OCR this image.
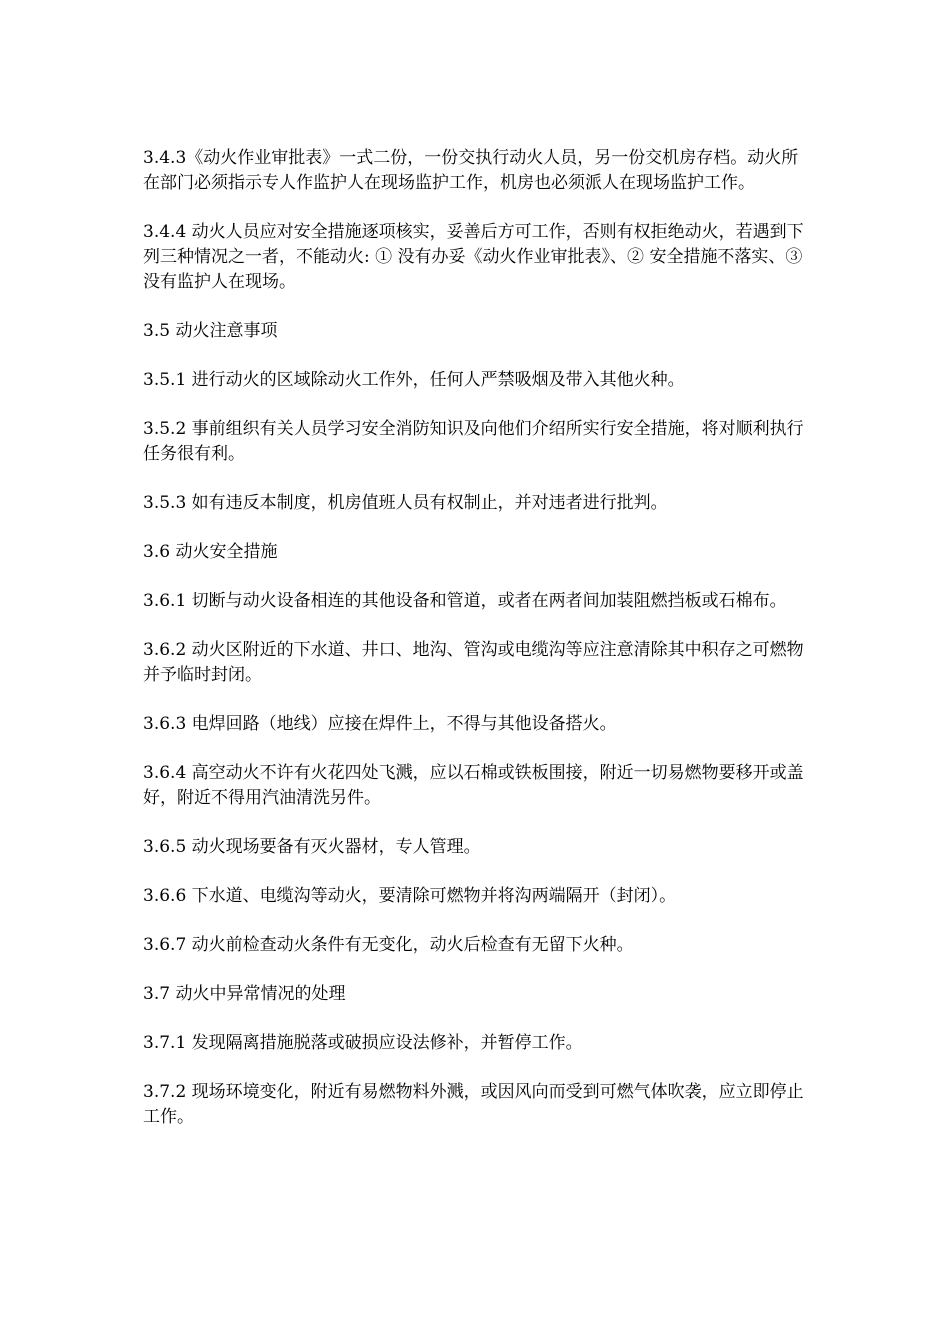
3.4.3《动火作业审批表》一式二份，一份交执行动火人员，另一份交机房存档。动火所在部门必须指示专人作监护人在现场监护工作，机房也必须派人在现场监护工作。

3.4.4 动火人员应对安全措施逐项核实，妥善后方可工作，否则有权拒绝动火，若遇到下列三种情况之一者，不能动火: ① 没有办妥《动火作业审批表》、② 安全措施不落实、③没有监护人在现场。

3.5 动火注意事项

3.5.1 进行动火的区域除动火工作外，任何人严禁吸烟及带入其他火种。

3.5.2 事前组织有关人员学习安全消防知识及向他们介绍所实行安全措施，将对顺利执行任务很有利。

3.5.3 如有违反本制度，机房值班人员有权制止，并对违者进行批判。

3.6 动火安全措施

3.6.1 切断与动火设备相连的其他设备和管道，或者在两者间加装阻燃挡板或石棉布。

3.6.2 动火区附近的下水道、井口、地沟、管沟或电缆沟等应注意清除其中积存之可燃物并予临时封闭。

3.6.3 电焊回路（地线）应接在焊件上，不得与其他设备搭火。

3.6.4 高空动火不许有火花四处飞溅，应以石棉或铁板围接，附近一切易燃物要移开或盖好，附近不得用汽油清洗另件。

3.6.5 动火现场要备有灭火器材，专人管理。

3.6.6 下水道、电缆沟等动火，要清除可燃物并将沟两端隔开（封闭）。

3.6.7 动火前检查动火条件有无变化，动火后检查有无留下火种。

3.7 动火中异常情况的处理

3.7.1 发现隔离措施脱落或破损应设法修补，并暂停工作。

3.7.2 现场环境变化，附近有易燃物料外溅，或因风向而受到可燃气体吹袭，应立即停止工作。
